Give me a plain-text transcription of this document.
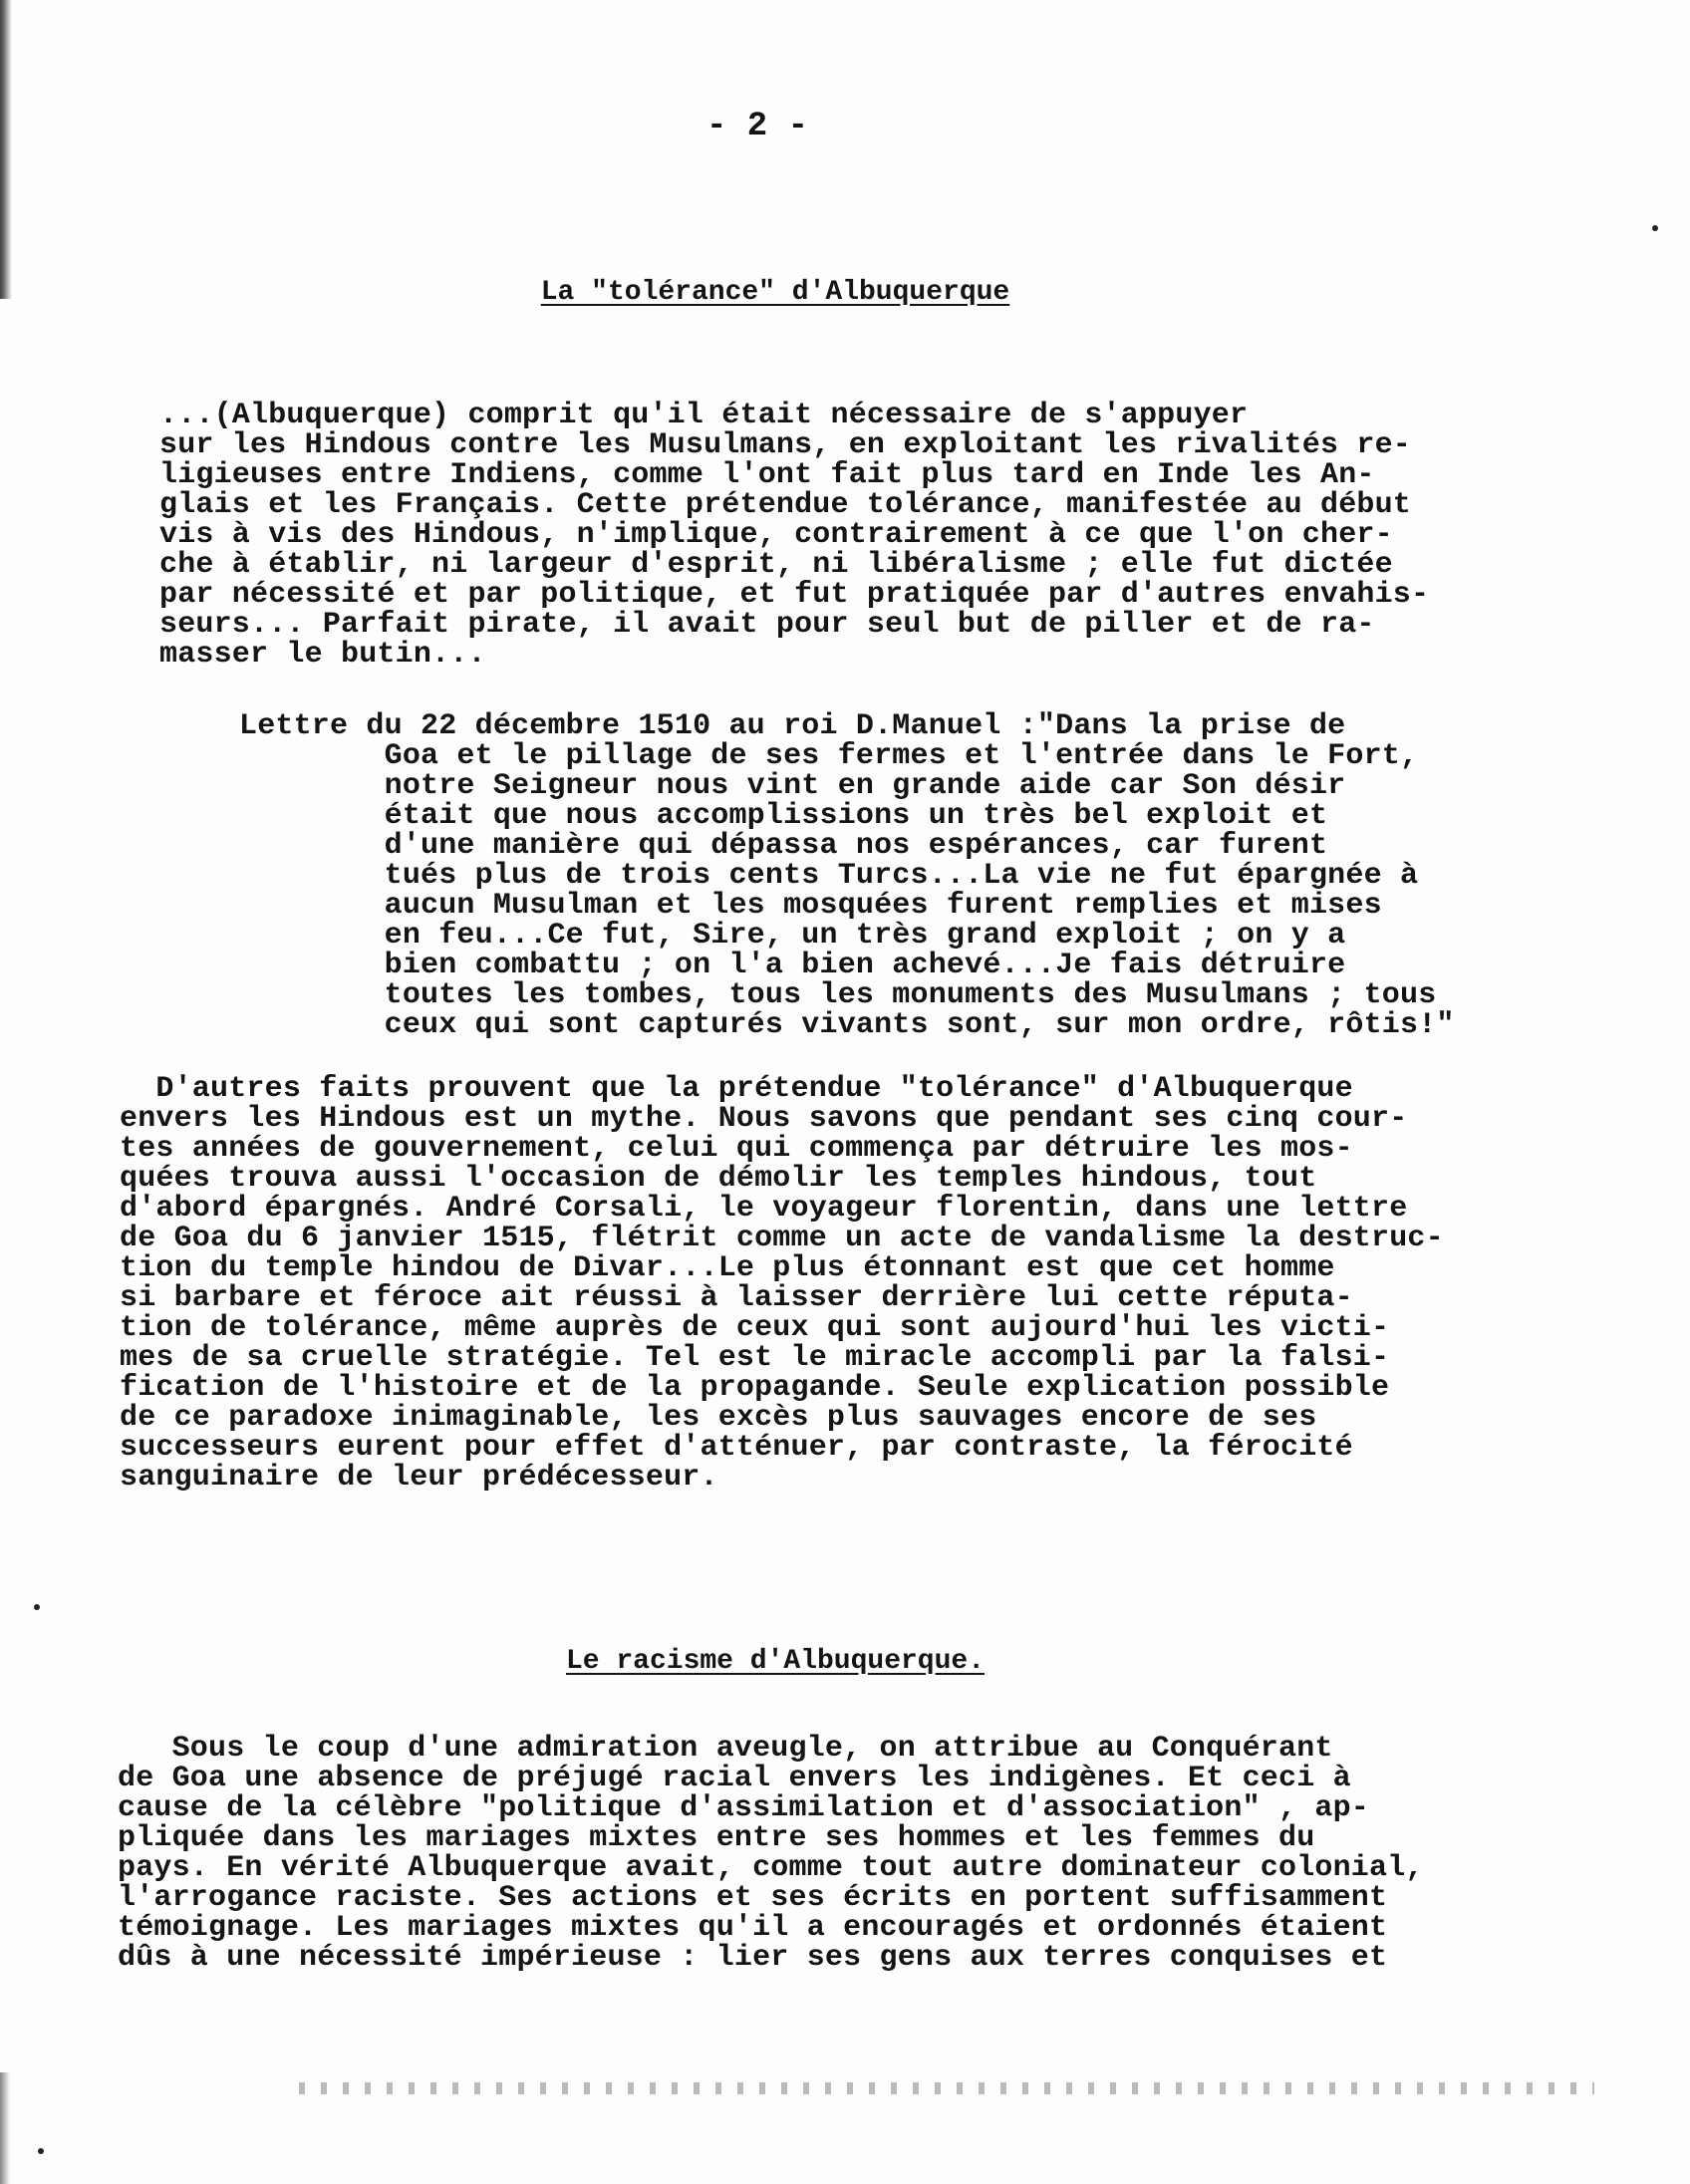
- 2 -
La "tolérance" d'Albuquerque
...(Albuquerque) comprit qu'il était nécessaire de s'appuyer
sur les Hindous contre les Musulmans, en exploitant les rivalités re-
ligieuses entre Indiens, comme l'ont fait plus tard en Inde les An-
glais et les Français. Cette prétendue tolérance, manifestée au début
vis à vis des Hindous, n'implique, contrairement à ce que l'on cher-
che à établir, ni largeur d'esprit, ni libéralisme ; elle fut dictée
par nécessité et par politique, et fut pratiquée par d'autres envahis-
seurs... Parfait pirate, il avait pour seul but de piller et de ra-
masser le butin...
Lettre du 22 décembre 1510 au roi D.Manuel :"Dans la prise de
Goa et le pillage de ses fermes et l'entrée dans le Fort,
notre Seigneur nous vint en grande aide car Son désir
était que nous accomplissions un très bel exploit et
d'une manière qui dépassa nos espérances, car furent
tués plus de trois cents Turcs...La vie ne fut épargnée à
aucun Musulman et les mosquées furent remplies et mises
en feu...Ce fut, Sire, un très grand exploit ; on y a
bien combattu ; on l'a bien achevé...Je fais détruire
toutes les tombes, tous les monuments des Musulmans ; tous
ceux qui sont capturés vivants sont, sur mon ordre, rôtis!"
D'autres faits prouvent que la prétendue "tolérance" d'Albuquerque
envers les Hindous est un mythe. Nous savons que pendant ses cinq cour-
tes années de gouvernement, celui qui commença par détruire les mos-
quées trouva aussi l'occasion de démolir les temples hindous, tout
d'abord épargnés. André Corsali, le voyageur florentin, dans une lettre
de Goa du 6 janvier 1515, flétrit comme un acte de vandalisme la destruc-
tion du temple hindou de Divar...Le plus étonnant est que cet homme
si barbare et féroce ait réussi à laisser derrière lui cette réputa-
tion de tolérance, même auprès de ceux qui sont aujourd'hui les victi-
mes de sa cruelle stratégie. Tel est le miracle accompli par la falsi-
fication de l'histoire et de la propagande. Seule explication possible
de ce paradoxe inimaginable, les excès plus sauvages encore de ses
successeurs eurent pour effet d'atténuer, par contraste, la férocité
sanguinaire de leur prédécesseur.
Le racisme d'Albuquerque.
Sous le coup d'une admiration aveugle, on attribue au Conquérant
de Goa une absence de préjugé racial envers les indigènes. Et ceci à
cause de la célèbre "politique d'assimilation et d'association" , ap-
pliquée dans les mariages mixtes entre ses hommes et les femmes du
pays. En vérité Albuquerque avait, comme tout autre dominateur colonial,
l'arrogance raciste. Ses actions et ses écrits en portent suffisamment
témoignage. Les mariages mixtes qu'il a encouragés et ordonnés étaient
dûs à une nécessité impérieuse : lier ses gens aux terres conquises et
